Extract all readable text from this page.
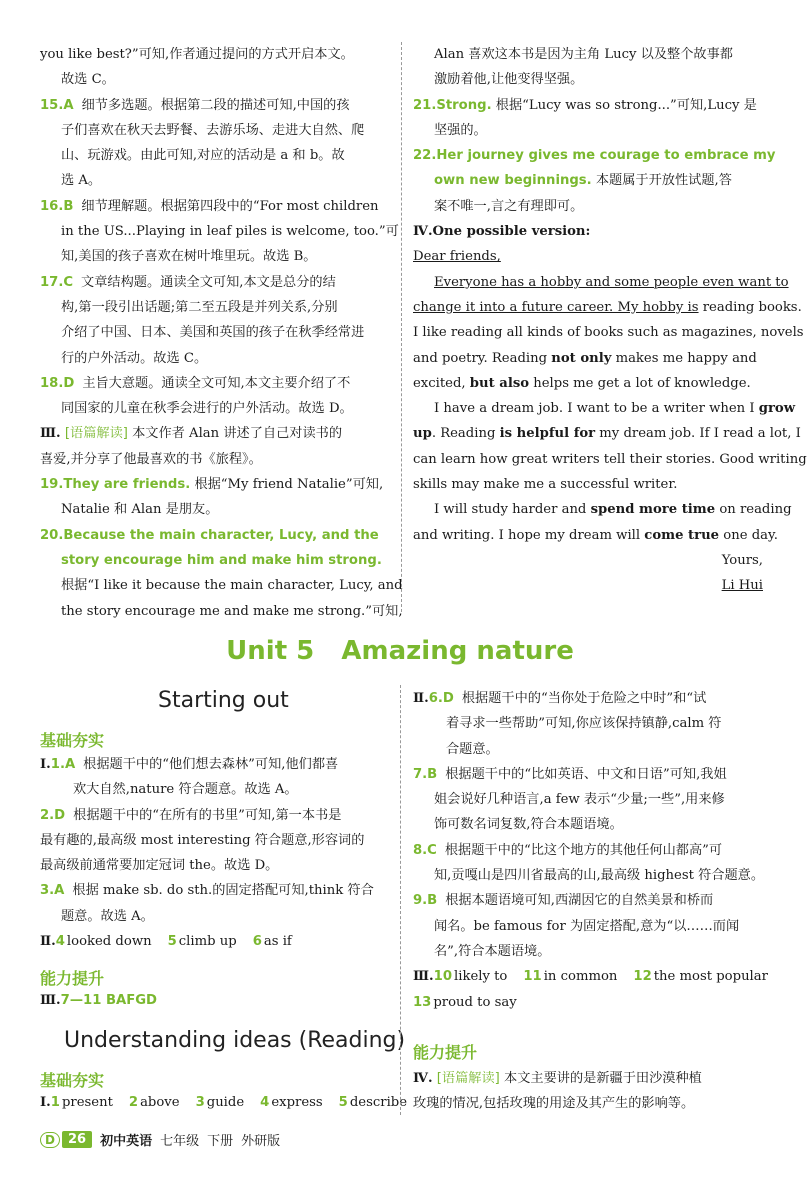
you like best?”可知,作者通过提问的方式开启本文。
故选 C。
15.A 细节多选题。根据第二段的描述可知,中国的孩
子们喜欢在秋天去野餐、去游乐场、走进大自然、爬
山、玩游戏。由此可知,对应的活动是 a 和 b。故
选 A。
16.B 细节理解题。根据第四段中的“For most children
in the US...Playing in leaf piles is welcome, too.”可
知,美国的孩子喜欢在树叶堆里玩。故选 B。
17.C 文章结构题。通读全文可知,本文是总分的结
构,第一段引出话题;第二至五段是并列关系,分别
介绍了中国、日本、美国和英国的孩子在秋季经常进
行的户外活动。故选 C。
18.D 主旨大意题。通读全文可知,本文主要介绍了不
同国家的儿童在秋季会进行的户外活动。故选 D。
Ⅲ. [语篇解读] 本文作者 Alan 讲述了自己对读书的
喜爱,并分享了他最喜欢的书《旅程》。
19.They are friends. 根据“My friend Natalie”可知,
Natalie 和 Alan 是朋友。
20.Because the main character, Lucy, and the
story encourage him and make him strong.
根据“I like it because the main character, Lucy, and
the story encourage me and make me strong.”可知,
Alan 喜欢这本书是因为主角 Lucy 以及整个故事都
激励着他,让他变得坚强。
21.Strong. 根据“Lucy was so strong...”可知,Lucy 是
坚强的。
22.Her journey gives me courage to embrace my
own new beginnings. 本题属于开放性试题,答
案不唯一,言之有理即可。
Ⅳ.One possible version:
Dear friends,
Everyone has a hobby and some people even want to
change it into a future career. My hobby is reading books.
I like reading all kinds of books such as magazines, novels
and poetry. Reading not only makes me happy and
excited, but also helps me get a lot of knowledge.
I have a dream job. I want to be a writer when I grow
up. Reading is helpful for my dream job. If I read a lot, I
can learn how great writers tell their stories. Good writing
skills may make me a successful writer.
I will study harder and spend more time on reading
and writing. I hope my dream will come true one day.
Yours,
Li Hui
Unit 5   Amazing nature
Starting out
基础夯实
Ⅰ.1.A 根据题干中的“他们想去森林”可知,他们都喜
欢大自然,nature 符合题意。故选 A。
2.D 根据题干中的“在所有的书里”可知,第一本书是
最有趣的,最高级 most interesting 符合题意,形容词的
最高级前通常要加定冠词 the。故选 D。
3.A 根据 make sb. do sth.的固定搭配可知,think 符合
题意。故选 A。
Ⅱ.4 looked down 5 climb up 6 as if
能力提升
Ⅲ.7—11 BAFGD
Understanding ideas (Reading)
基础夯实
Ⅰ.1 present 2 above 3 guide 4 express 5 describe
Ⅱ.6.D 根据题干中的“当你处于危险之中时”和“试
着寻求一些帮助”可知,你应该保持镇静,calm 符
合题意。
7.B 根据题干中的“比如英语、中文和日语”可知,我姐
姐会说好几种语言,a few 表示“少量;一些”,用来修
饰可数名词复数,符合本题语境。
8.C 根据题干中的“比这个地方的其他任何山都高”可
知,贡嘎山是四川省最高的山,最高级 highest 符合题意。
9.B 根据本题语境可知,西湖因它的自然美景和桥而
闻名。be famous for 为固定搭配,意为“以……而闻
名”,符合本题语境。
Ⅲ.10 likely to 11 in common 12 the most popular
13 proud to say
能力提升
Ⅳ. [语篇解读] 本文主要讲的是新疆于田沙漠种植
玫瑰的情况,包括玫瑰的用途及其产生的影响等。
D	26	初中英语 七年级 下册 外研版
